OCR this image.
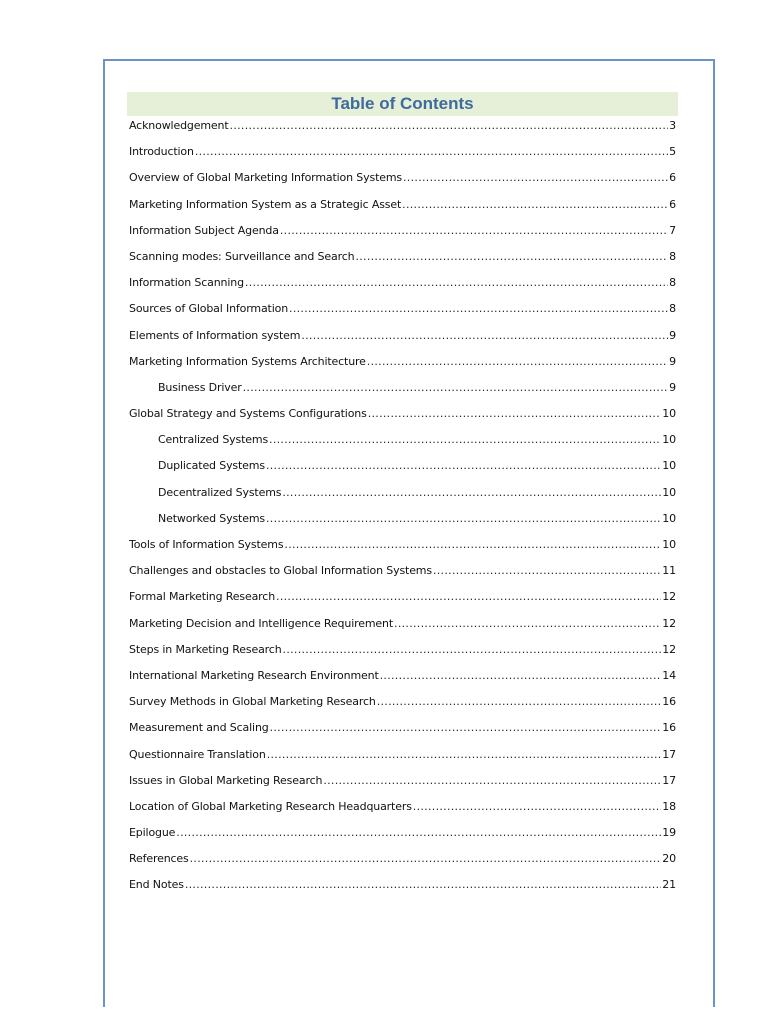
Table of Contents
Acknowledgement .....	3
Introduction .....	5
Overview of Global Marketing Information Systems .....	6
Marketing Information System as a Strategic Asset .....	6
Information Subject Agenda .....	7
Scanning modes: Surveillance and Search .....	8
Information Scanning .....	8
Sources of Global Information .....	8
Elements of Information system .....	9
Marketing Information Systems Architecture .....	9
Business Driver .....	9
Global Strategy and Systems Configurations .....	10
Centralized Systems .....	10
Duplicated Systems .....	10
Decentralized Systems .....	10
Networked Systems .....	10
Tools of Information Systems .....	10
Challenges and obstacles to Global Information Systems .....	11
Formal Marketing Research .....	12
Marketing Decision and Intelligence Requirement .....	12
Steps in Marketing Research .....	12
International Marketing Research Environment .....	14
Survey Methods in Global Marketing Research .....	16
Measurement and Scaling .....	16
Questionnaire Translation .....	17
Issues in Global Marketing Research .....	17
Location of Global Marketing Research Headquarters .....	18
Epilogue .....	19
References .....	20
End Notes .....	21
